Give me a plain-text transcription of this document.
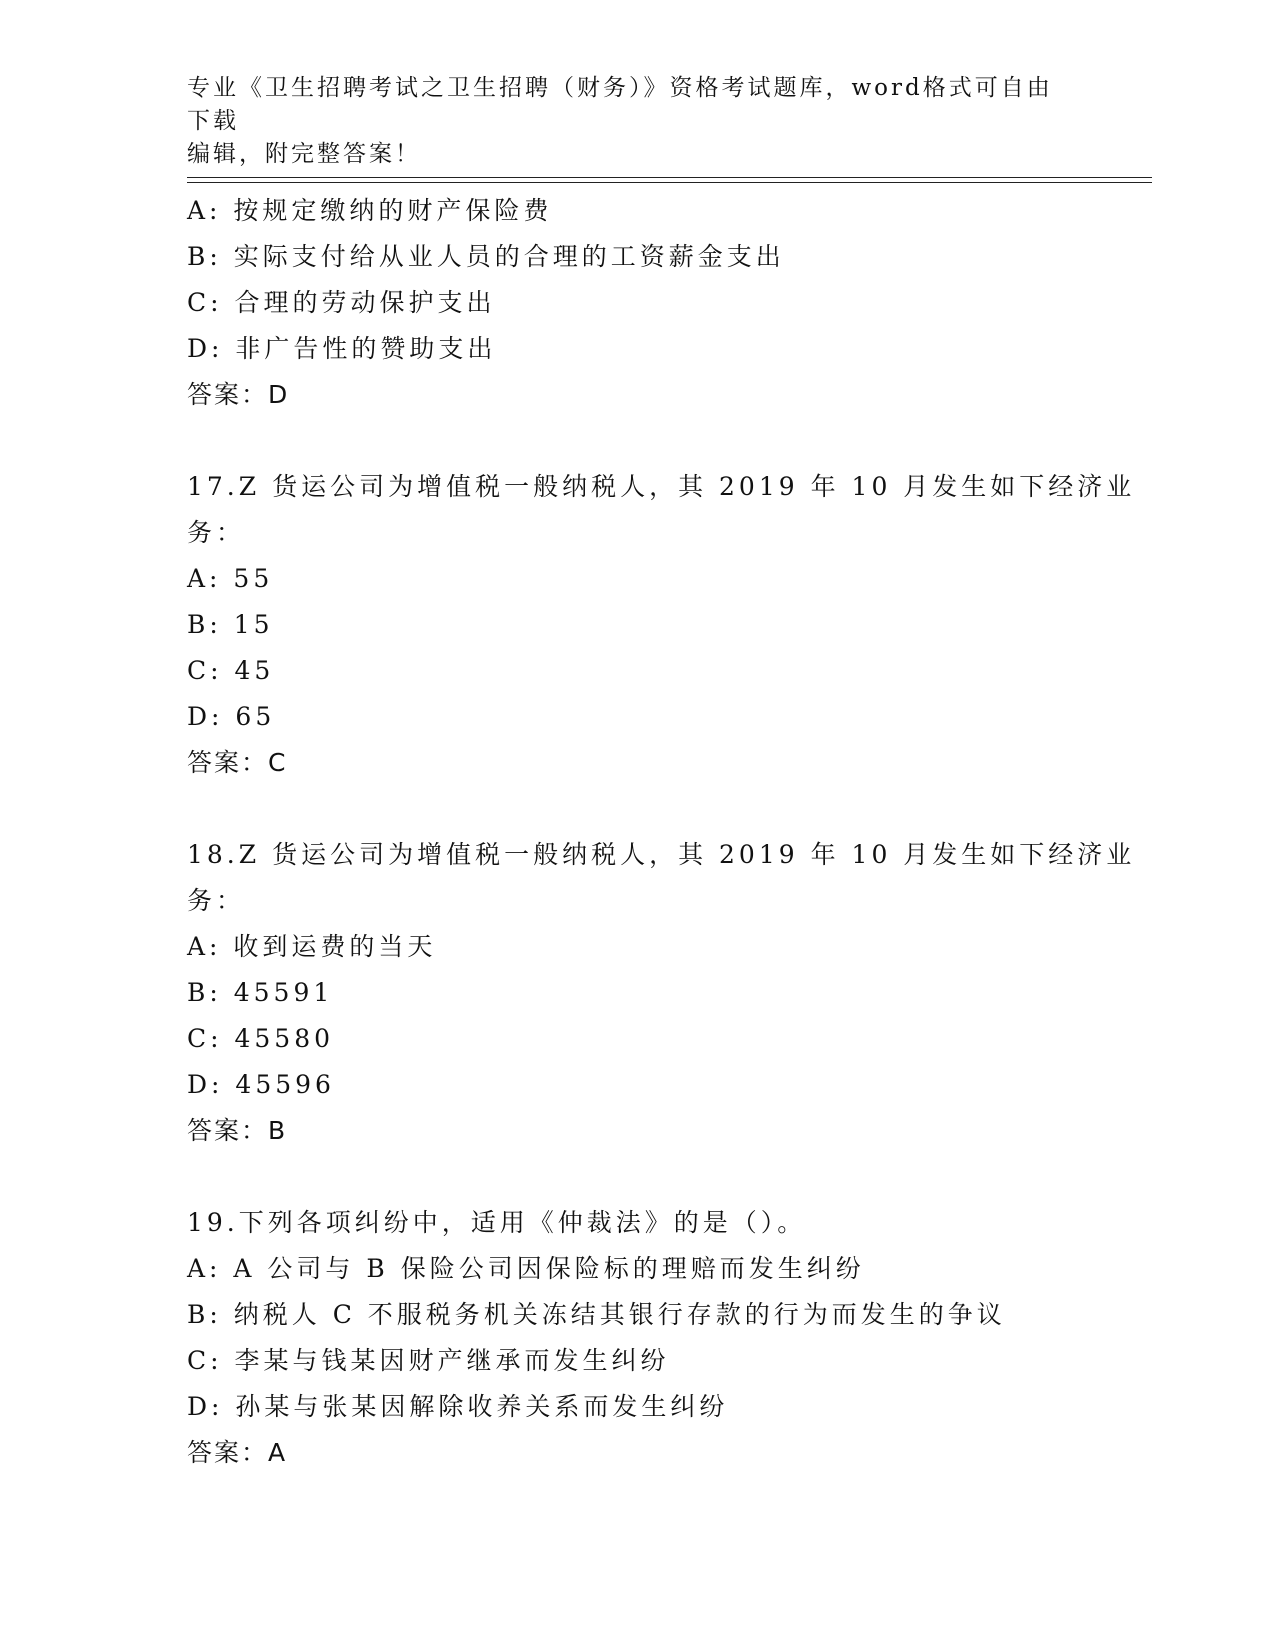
专业《卫生招聘考试之卫生招聘（财务）》资格考试题库，word格式可自由下载
编辑，附完整答案！
A: 按规定缴纳的财产保险费
B: 实际支付给从业人员的合理的工资薪金支出
C: 合理的劳动保护支出
D: 非广告性的赞助支出
答案：D
17.Z 货运公司为增值税一般纳税人，其 2019 年 10 月发生如下经济业
务：
A: 55
B: 15
C: 45
D: 65
答案：C
18.Z 货运公司为增值税一般纳税人，其 2019 年 10 月发生如下经济业
务：
A: 收到运费的当天
B: 45591
C: 45580
D: 45596
答案：B
19.下列各项纠纷中，适用《仲裁法》的是（）。
A: A 公司与 B 保险公司因保险标的理赔而发生纠纷
B: 纳税人 C 不服税务机关冻结其银行存款的行为而发生的争议
C: 李某与钱某因财产继承而发生纠纷
D: 孙某与张某因解除收养关系而发生纠纷
答案：A
